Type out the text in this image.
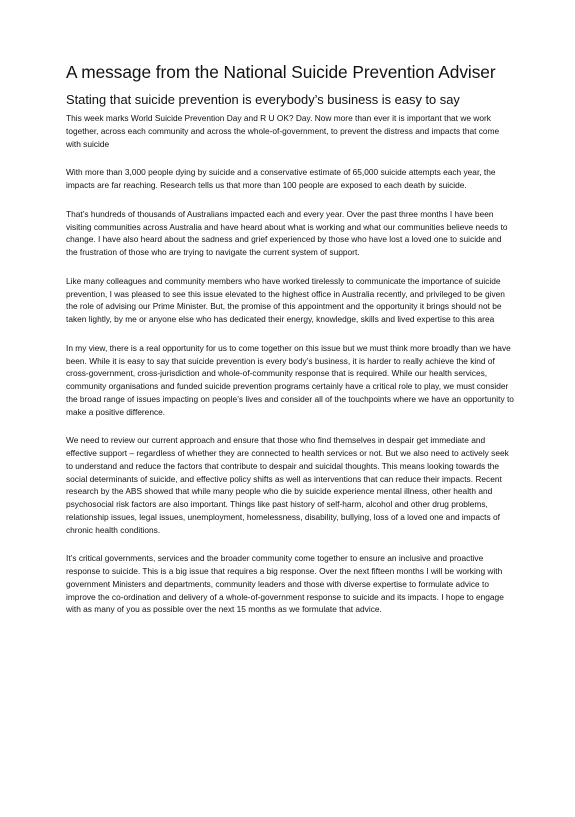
A message from the National Suicide Prevention Adviser
Stating that suicide prevention is everybody’s business is easy to say

This week marks World Suicide Prevention Day and R U OK? Day. Now more than ever it is important that we work together, across each community and across the whole-of-government, to prevent the distress and impacts that come with suicide

With more than 3,000 people dying by suicide and a conservative estimate of 65,000 suicide attempts each year, the impacts are far reaching. Research tells us that more than 100 people are exposed to each death by suicide.

That’s hundreds of thousands of Australians impacted each and every year. Over the past three months I have been visiting communities across Australia and have heard about what is working and what our communities believe needs to change. I have also heard about the sadness and grief experienced by those who have lost a loved one to suicide and the frustration of those who are trying to navigate the current system of support.

Like many colleagues and community members who have worked tirelessly to communicate the importance of suicide prevention, I was pleased to see this issue elevated to the highest office in Australia recently, and privileged to be given the role of advising our Prime Minister. But, the promise of this appointment and the opportunity it brings should not be taken lightly, by me or anyone else who has dedicated their energy, knowledge, skills and lived expertise to this area

In my view, there is a real opportunity for us to come together on this issue but we must think more broadly than we have been. While it is easy to say that suicide prevention is every body’s business, it is harder to really achieve the kind of cross-government, cross-jurisdiction and whole-of-community response that is required. While our health services, community organisations and funded suicide prevention programs certainly have a critical role to play, we must consider the broad range of issues impacting on people’s lives and consider all of the touchpoints where we have an opportunity to make a positive difference.

We need to review our current approach and ensure that those who find themselves in despair get immediate and effective support – regardless of whether they are connected to health services or not. But we also need to actively seek to understand and reduce the factors that contribute to despair and suicidal thoughts. This means looking towards the social determinants of suicide, and effective policy shifts as well as interventions that can reduce their impacts. Recent research by the ABS showed that while many people who die by suicide experience mental illness, other health and psychosocial risk factors are also important. Things like past history of self-harm, alcohol and other drug problems, relationship issues, legal issues, unemployment, homelessness, disability, bullying, loss of a loved one and impacts of chronic health conditions.

It’s critical governments, services and the broader community come together to ensure an inclusive and proactive response to suicide. This is a big issue that requires a big response. Over the next fifteen months I will be working with government Ministers and departments, community leaders and those with diverse expertise to formulate advice to improve the co-ordination and delivery of a whole-of-government response to suicide and its impacts. I hope to engage with as many of you as possible over the next 15 months as we formulate that advice.
